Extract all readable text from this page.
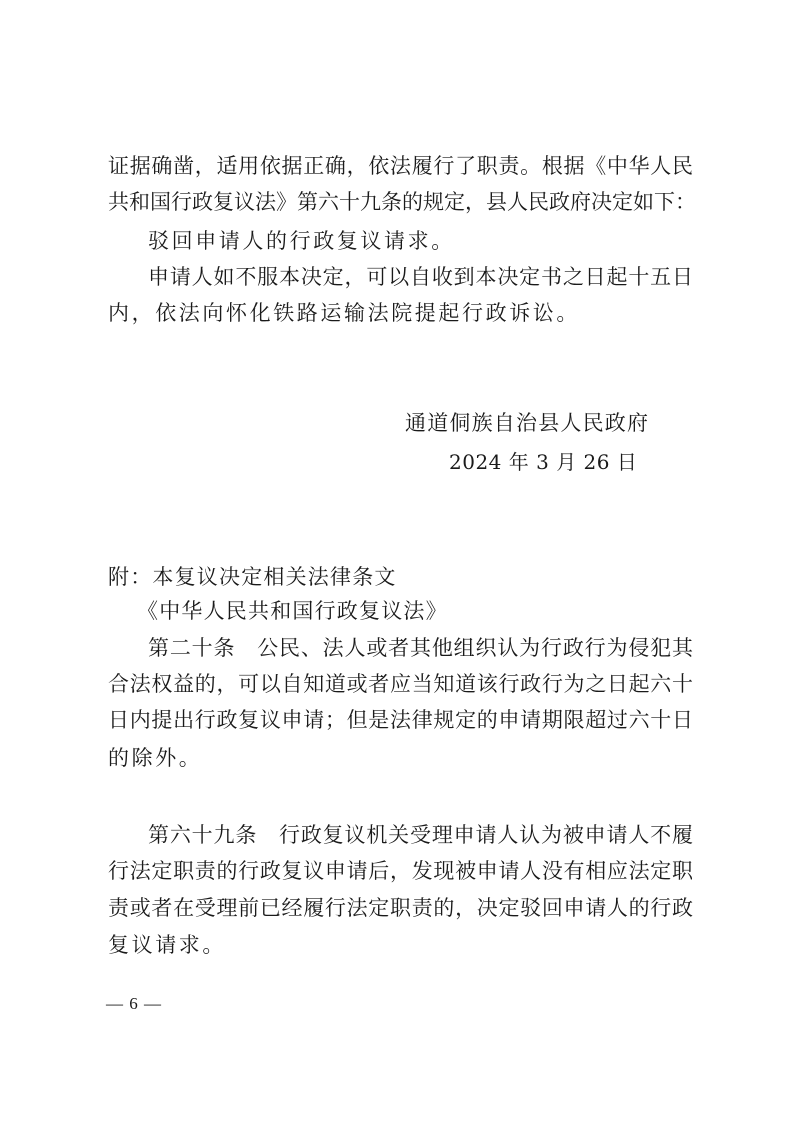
证据确凿，适用依据正确，依法履行了职责。根据《中华人民
共和国行政复议法》第六十九条的规定，县人民政府决定如下：
驳回申请人的行政复议请求。
申请人如不服本决定，可以自收到本决定书之日起十五日
内，依法向怀化铁路运输法院提起行政诉讼。
通道侗族自治县人民政府
2024 年 3 月 26 日
附：本复议决定相关法律条文
《中华人民共和国行政复议法》
第二十条　公民、法人或者其他组织认为行政行为侵犯其
合法权益的，可以自知道或者应当知道该行政行为之日起六十
日内提出行政复议申请；但是法律规定的申请期限超过六十日
的除外。
第六十九条　行政复议机关受理申请人认为被申请人不履
行法定职责的行政复议申请后，发现被申请人没有相应法定职
责或者在受理前已经履行法定职责的，决定驳回申请人的行政
复议请求。
— 6 —
